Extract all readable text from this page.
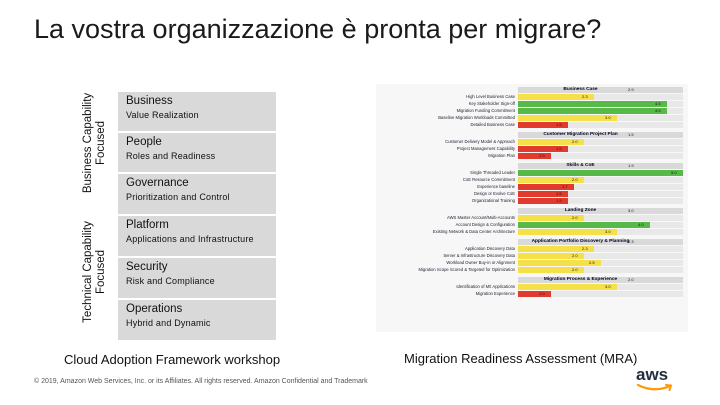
La vostra organizzazione è pronta per migrare?
Business Capability
Focused
Technical Capability
Focused
Business
Value Realization
People
Roles and Readiness
Governance
Prioritization and Control
Platform
Applications and Infrastructure
Security
Risk and Compliance
Operations
Hybrid and Dynamic
Cloud Adoption Framework workshop	Migration Readiness Assessment (MRA)
© 2019, Amazon Web Services, Inc. or its Affiliates. All rights reserved. Amazon Confidential and Trademark	aws
Business Case	2.9
High Level Business Case	2.3
Key Stakeholder Sign-off	4.5
Migration Funding Commitment	4.5
Baseline Migration Workloads Committed	3.0
Detailed Business Case	1.5
Customer Migration Project Plan	1.5
Customer Delivery Model & Approach	2.0
Project Management Capability	1.5
Migration Plan	1.0
Skills & CoE	1.9
Single Threaded Leader	5.0
CoE Resource Commitment	2.0
Experience baseline	1.7
Design or Evolve CoE	1.5
Organizational Training	1.5
Landing Zone	3.0
AWS Master Account/Multi-Accounts	2.0
Account Design & Configuration	4.0
Existing Network & Data Center Architecture	3.0
Application Portfolio Discovery & Planning
2.3
Application Discovery Data	2.3
Server & Infrastructure Discovery Data	2.0
Workload Owner Buy-in or Alignment	2.5
Migration Scope Scored & Targeted for Optimization	2.0
Migration Process & Experience	2.0
Identification of M/I Applications	3.0
Migration Experience	1.0
